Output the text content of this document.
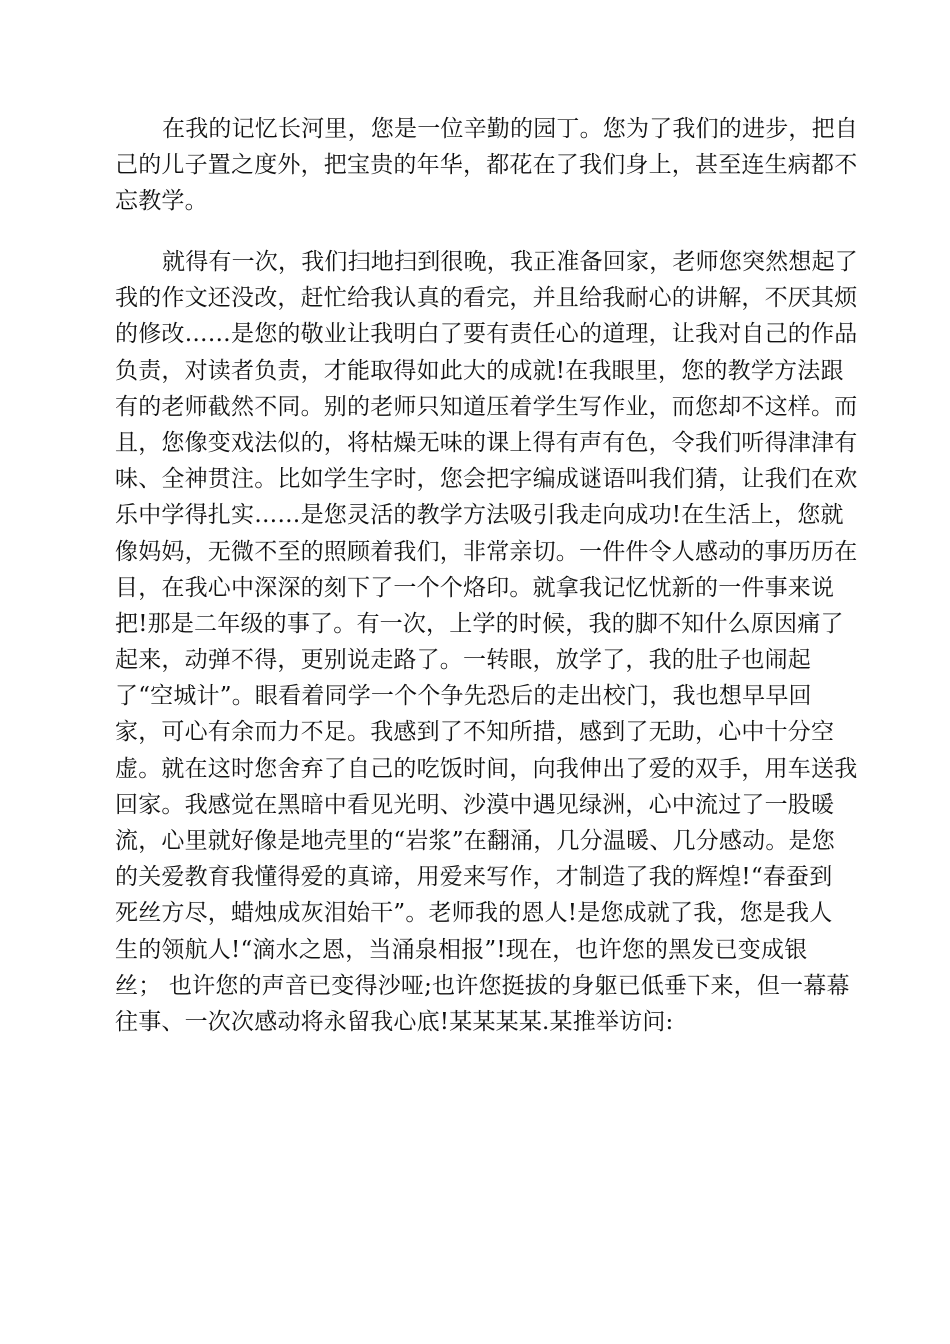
在我的记忆长河里，您是一位辛勤的园丁。您为了我们的进步，把自
己的儿子置之度外，把宝贵的年华，都花在了我们身上，甚至连生病都不
忘教学。
就得有一次，我们扫地扫到很晚，我正准备回家，老师您突然想起了
我的作文还没改，赶忙给我认真的看完，并且给我耐心的讲解，不厌其烦
的修改……是您的敬业让我明白了要有责任心的道理，让我对自己的作品
负责，对读者负责，才能取得如此大的成就!在我眼里，您的教学方法跟
有的老师截然不同。别的老师只知道压着学生写作业，而您却不这样。而
且，您像变戏法似的，将枯燥无味的课上得有声有色，令我们听得津津有
味、全神贯注。比如学生字时，您会把字编成谜语叫我们猜，让我们在欢
乐中学得扎实……是您灵活的教学方法吸引我走向成功!在生活上，您就
像妈妈，无微不至的照顾着我们，非常亲切。一件件令人感动的事历历在
目，在我心中深深的刻下了一个个烙印。就拿我记忆忧新的一件事来说
把!那是二年级的事了。有一次，上学的时候，我的脚不知什么原因痛了
起来，动弹不得，更别说走路了。一转眼，放学了，我的肚子也闹起
了“空城计”。眼看着同学一个个争先恐后的走出校门，我也想早早回
家，可心有余而力不足。我感到了不知所措，感到了无助，心中十分空
虚。就在这时您舍弃了自己的吃饭时间，向我伸出了爱的双手，用车送我
回家。我感觉在黑暗中看见光明、沙漠中遇见绿洲，心中流过了一股暖
流，心里就好像是地壳里的“岩浆”在翻涌，几分温暖、几分感动。是您
的关爱教育我懂得爱的真谛，用爱来写作，才制造了我的辉煌!“春蚕到
死丝方尽，蜡烛成灰泪始干”。老师我的恩人!是您成就了我，您是我人
生的领航人!“滴水之恩，当涌泉相报”!现在，也许您的黑发已变成银
丝； 也许您的声音已变得沙哑;也许您挺拔的身躯已低垂下来，但一幕幕
往事、一次次感动将永留我心底!某某某某.某推举访问:
